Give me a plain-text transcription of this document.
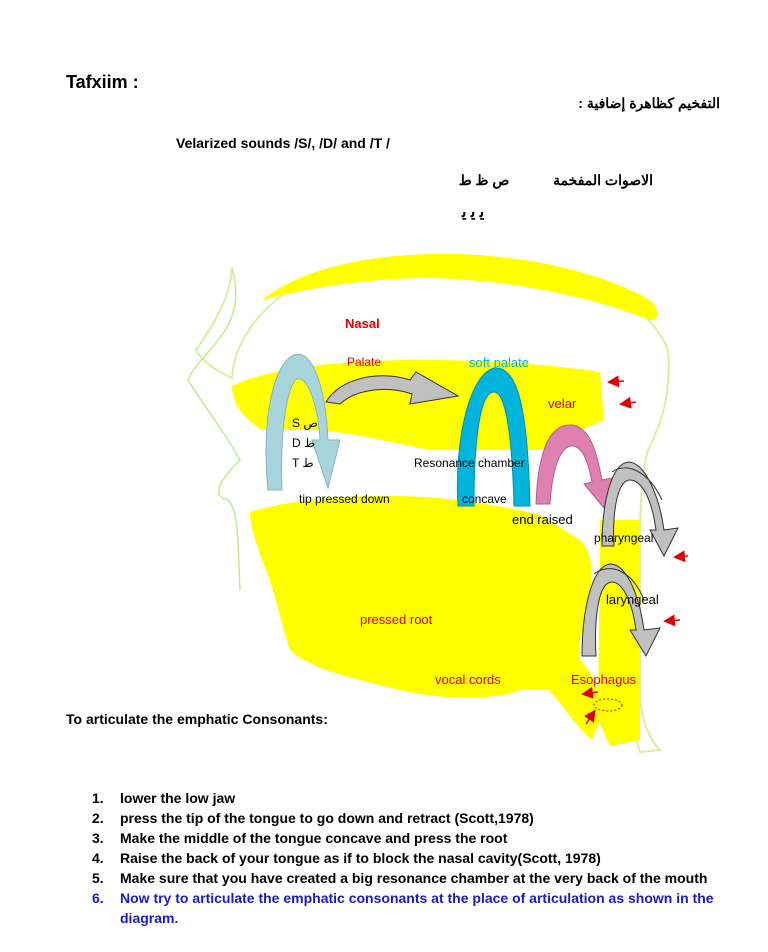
Tafxiim :
التفخيم كظاهرة إضافية :
Velarized sounds /S/, /D/ and /T /
الاصوات المفخمة  ص ظ ط
ﻳ ﻳ ﻳ
Nasal
Palate	soft palate
velar
S ص
D ظ
T ط	Resonance chamber
tip pressed down	concave
end raised
pharyngeal
laryngeal
pressed root
vocal cords	Esophagus
To articulate the emphatic Consonants:
1. lower the low jaw
2. press the tip of the tongue to go down and retract (Scott,1978)
3. Make the middle of the tongue concave and press the root
4. Raise the back of your tongue as if to block the nasal cavity(Scott, 1978)
5. Make sure that you have created a big resonance chamber at the very back of the mouth
6. Now try to articulate the emphatic consonants at the place of articulation as shown in the diagram.
